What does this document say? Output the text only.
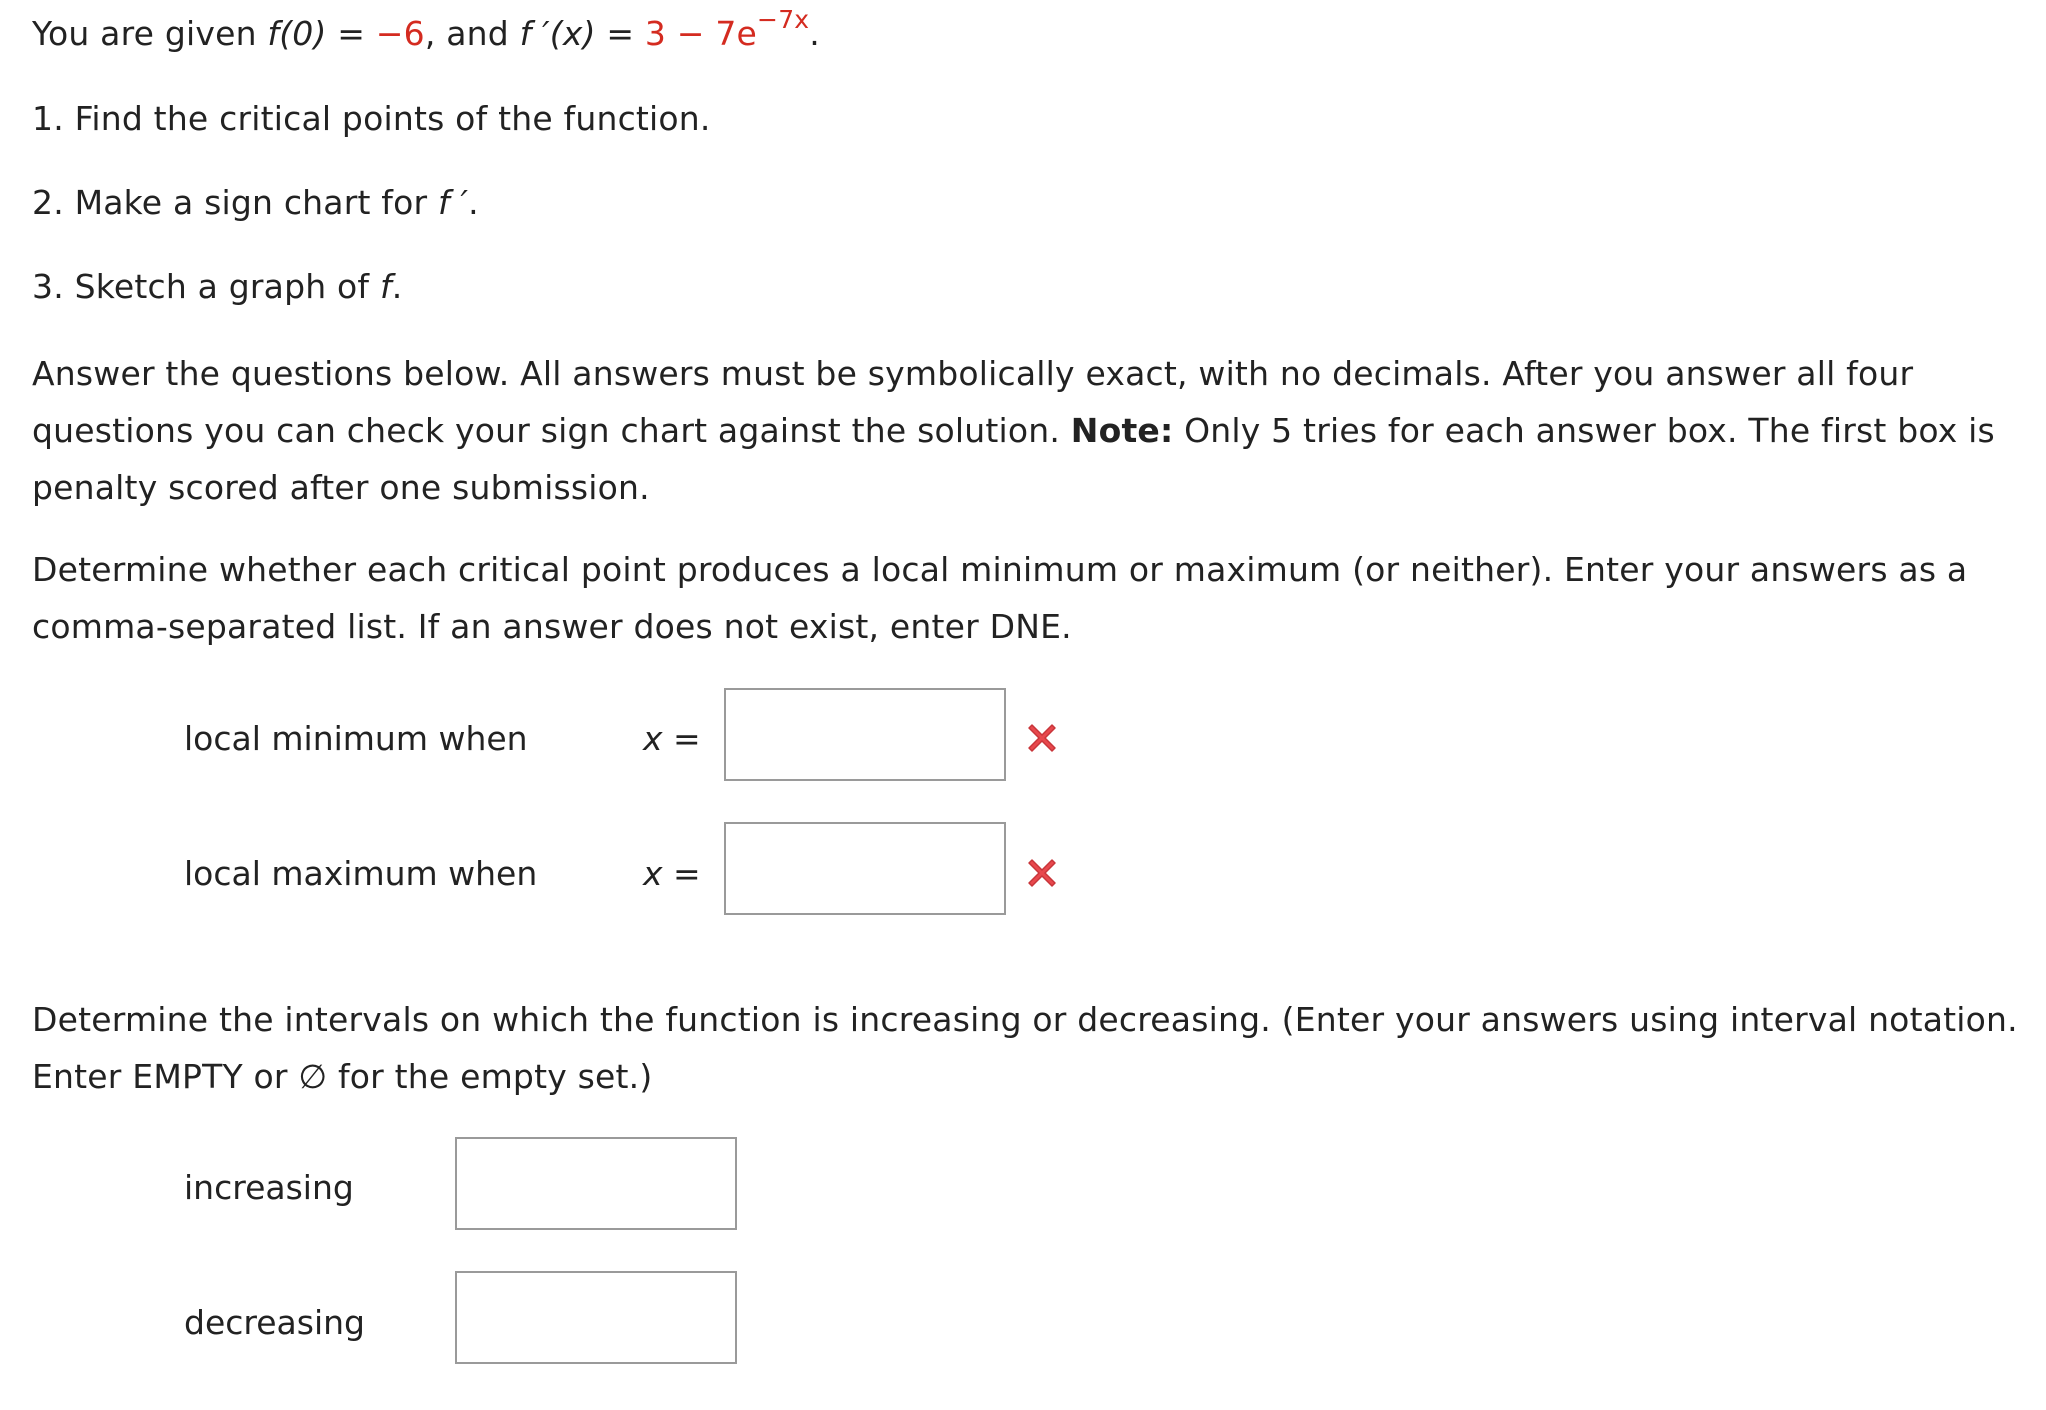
You are given f(0) = −6, and f $'(x) = 3 - 7e^{-7x}$.
1. Find the critical points of the function.
2. Make a sign chart for f ′.
3. Sketch a graph of f.
Answer the questions below. All answers must be symbolically exact, with no decimals. After you answer all four questions you can check your sign chart against the solution. Note: Only 5 tries for each answer box. The first box is penalty scored after one submission.
Determine whether each critical point produces a local minimum or maximum (or neither). Enter your answers as a comma-separated list. If an answer does not exist, enter DNE.
local minimum when	x =
local maximum when	x =
Determine the intervals on which the function is increasing or decreasing. (Enter your answers using interval notation. Enter EMPTY or ∅ for the empty set.)
increasing
decreasing
